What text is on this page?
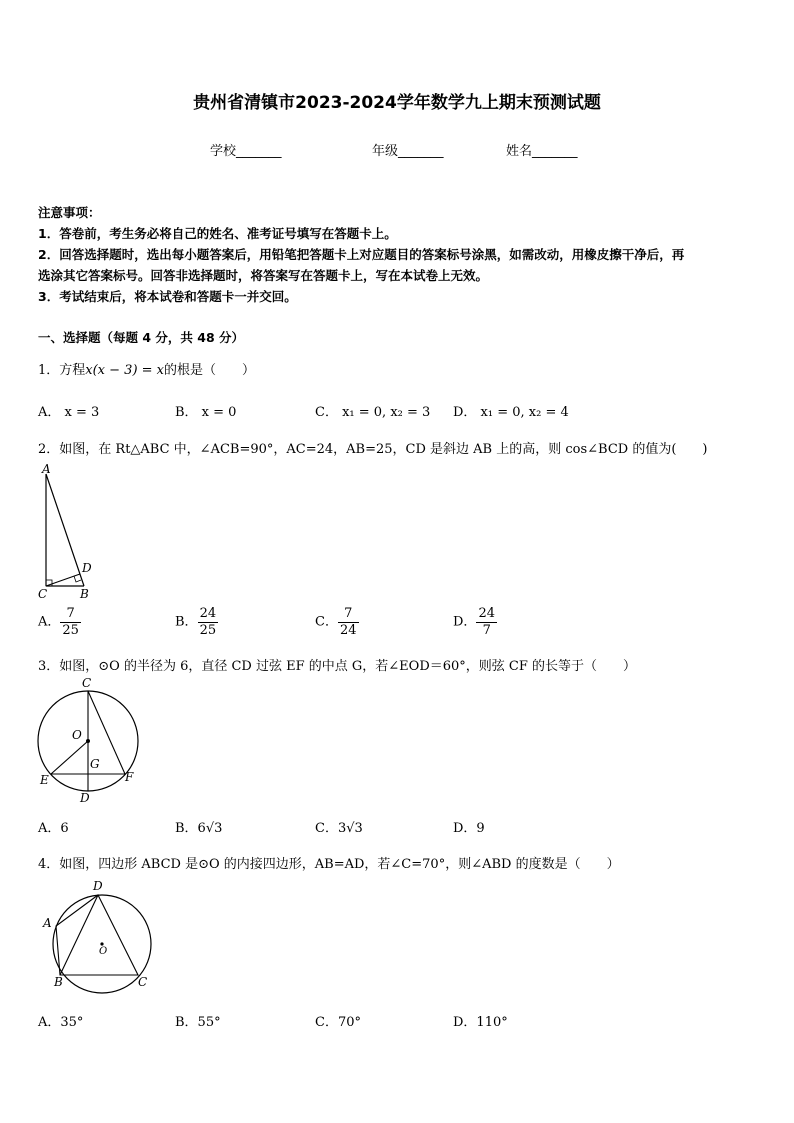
贵州省清镇市2023-2024学年数学九上期末预测试题
学校_______	年级_______	姓名_______
注意事项：
1．答卷前，考生务必将自己的姓名、准考证号填写在答题卡上。
2．回答选择题时，选出每小题答案后，用铅笔把答题卡上对应题目的答案标号涂黑，如需改动，用橡皮擦干净后，再
选涂其它答案标号。回答非选择题时，将答案写在答题卡上，写在本试卷上无效。
3．考试结束后，将本试卷和答题卡一并交回。
一、选择题（每题 4 分，共 48 分）
1．方程x(x − 3) = x的根是（　　）
A． x = 3	B． x = 0	C． x₁ = 0, x₂ = 3 D． x₁ = 0, x₂ = 4
2．如图，在 Rt△ABC 中，∠ACB=90°，AC=24，AB=25，CD 是斜边 AB 上的高，则 cos∠BCD 的值为(　　)
A
B
C
D
A． $\frac{7}{25}$	B． $\frac{24}{25}$	C． $\frac{7}{24}$	D． $\frac{24}{7}$
3．如图，⊙O 的半径为 6，直径 CD 过弦 EF 的中点 G，若∠EOD＝60°，则弦 CF 的长等于（　　）
C
O
G
E	F
D
A．6	B．6√3	C．3√3	D．9
4．如图，四边形 ABCD 是⊙O 的内接四边形，AB=AD，若∠C=70°，则∠ABD 的度数是（　　）
D
A
O
B	C
A．35°	B．55°	C．70°	D．110°
